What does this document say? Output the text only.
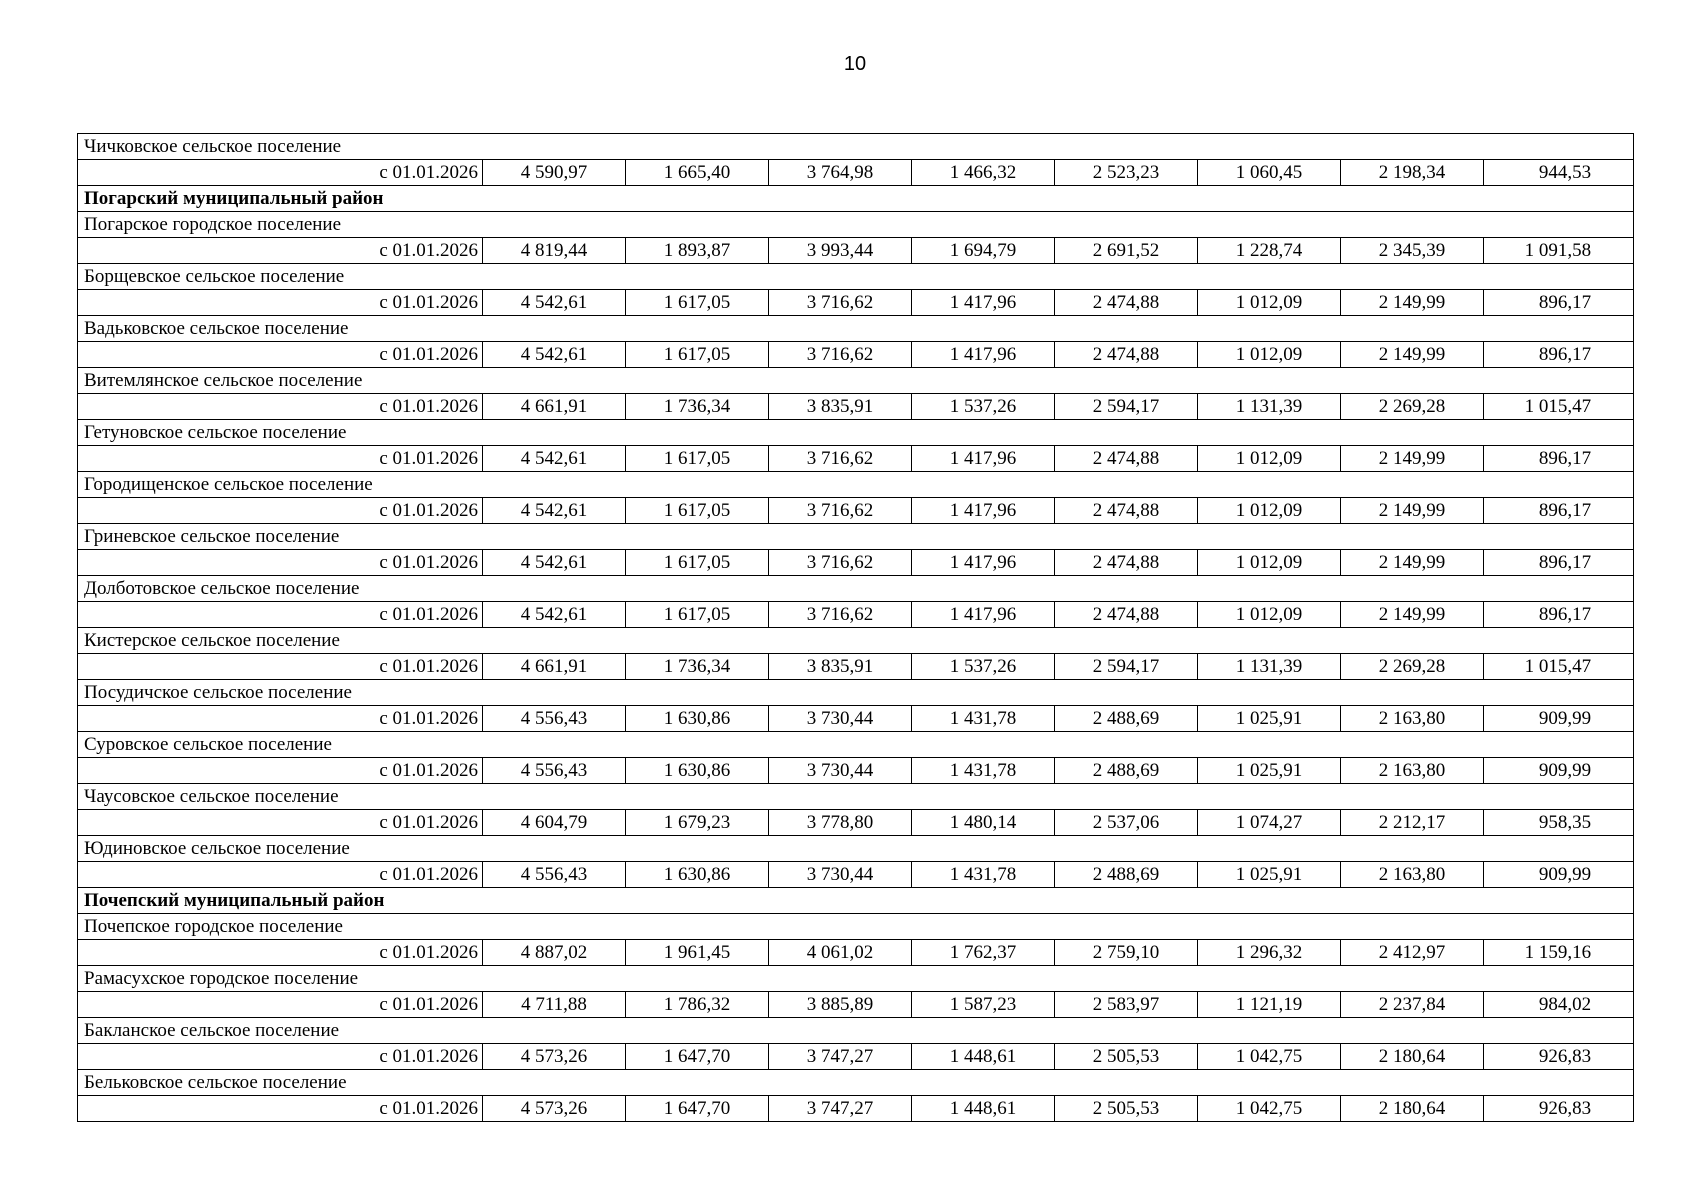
10
Чичковское сельское поселение								
с 01.01.2026	4 590,97	1 665,40	3 764,98	1 466,32	2 523,23	1 060,45	2 198,34	944,53
Погарский муниципальный район								
Погарское городское поселение								
с 01.01.2026	4 819,44	1 893,87	3 993,44	1 694,79	2 691,52	1 228,74	2 345,39	1 091,58
Борщевское сельское поселение								
с 01.01.2026	4 542,61	1 617,05	3 716,62	1 417,96	2 474,88	1 012,09	2 149,99	896,17
Вадьковское сельское поселение								
с 01.01.2026	4 542,61	1 617,05	3 716,62	1 417,96	2 474,88	1 012,09	2 149,99	896,17
Витемлянское сельское поселение								
с 01.01.2026	4 661,91	1 736,34	3 835,91	1 537,26	2 594,17	1 131,39	2 269,28	1 015,47
Гетуновское сельское поселение								
с 01.01.2026	4 542,61	1 617,05	3 716,62	1 417,96	2 474,88	1 012,09	2 149,99	896,17
Городищенское сельское поселение								
с 01.01.2026	4 542,61	1 617,05	3 716,62	1 417,96	2 474,88	1 012,09	2 149,99	896,17
Гриневское сельское поселение								
с 01.01.2026	4 542,61	1 617,05	3 716,62	1 417,96	2 474,88	1 012,09	2 149,99	896,17
Долботовское сельское поселение								
с 01.01.2026	4 542,61	1 617,05	3 716,62	1 417,96	2 474,88	1 012,09	2 149,99	896,17
Кистерское сельское поселение								
с 01.01.2026	4 661,91	1 736,34	3 835,91	1 537,26	2 594,17	1 131,39	2 269,28	1 015,47
Посудичское сельское поселение								
с 01.01.2026	4 556,43	1 630,86	3 730,44	1 431,78	2 488,69	1 025,91	2 163,80	909,99
Суровское сельское поселение								
с 01.01.2026	4 556,43	1 630,86	3 730,44	1 431,78	2 488,69	1 025,91	2 163,80	909,99
Чаусовское сельское поселение								
с 01.01.2026	4 604,79	1 679,23	3 778,80	1 480,14	2 537,06	1 074,27	2 212,17	958,35
Юдиновское сельское поселение								
с 01.01.2026	4 556,43	1 630,86	3 730,44	1 431,78	2 488,69	1 025,91	2 163,80	909,99
Почепский муниципальный район								
Почепское городское поселение								
с 01.01.2026	4 887,02	1 961,45	4 061,02	1 762,37	2 759,10	1 296,32	2 412,97	1 159,16
Рамасухское городское поселение								
с 01.01.2026	4 711,88	1 786,32	3 885,89	1 587,23	2 583,97	1 121,19	2 237,84	984,02
Бакланское сельское поселение								
с 01.01.2026	4 573,26	1 647,70	3 747,27	1 448,61	2 505,53	1 042,75	2 180,64	926,83
Бельковское сельское поселение								
с 01.01.2026	4 573,26	1 647,70	3 747,27	1 448,61	2 505,53	1 042,75	2 180,64	926,83
